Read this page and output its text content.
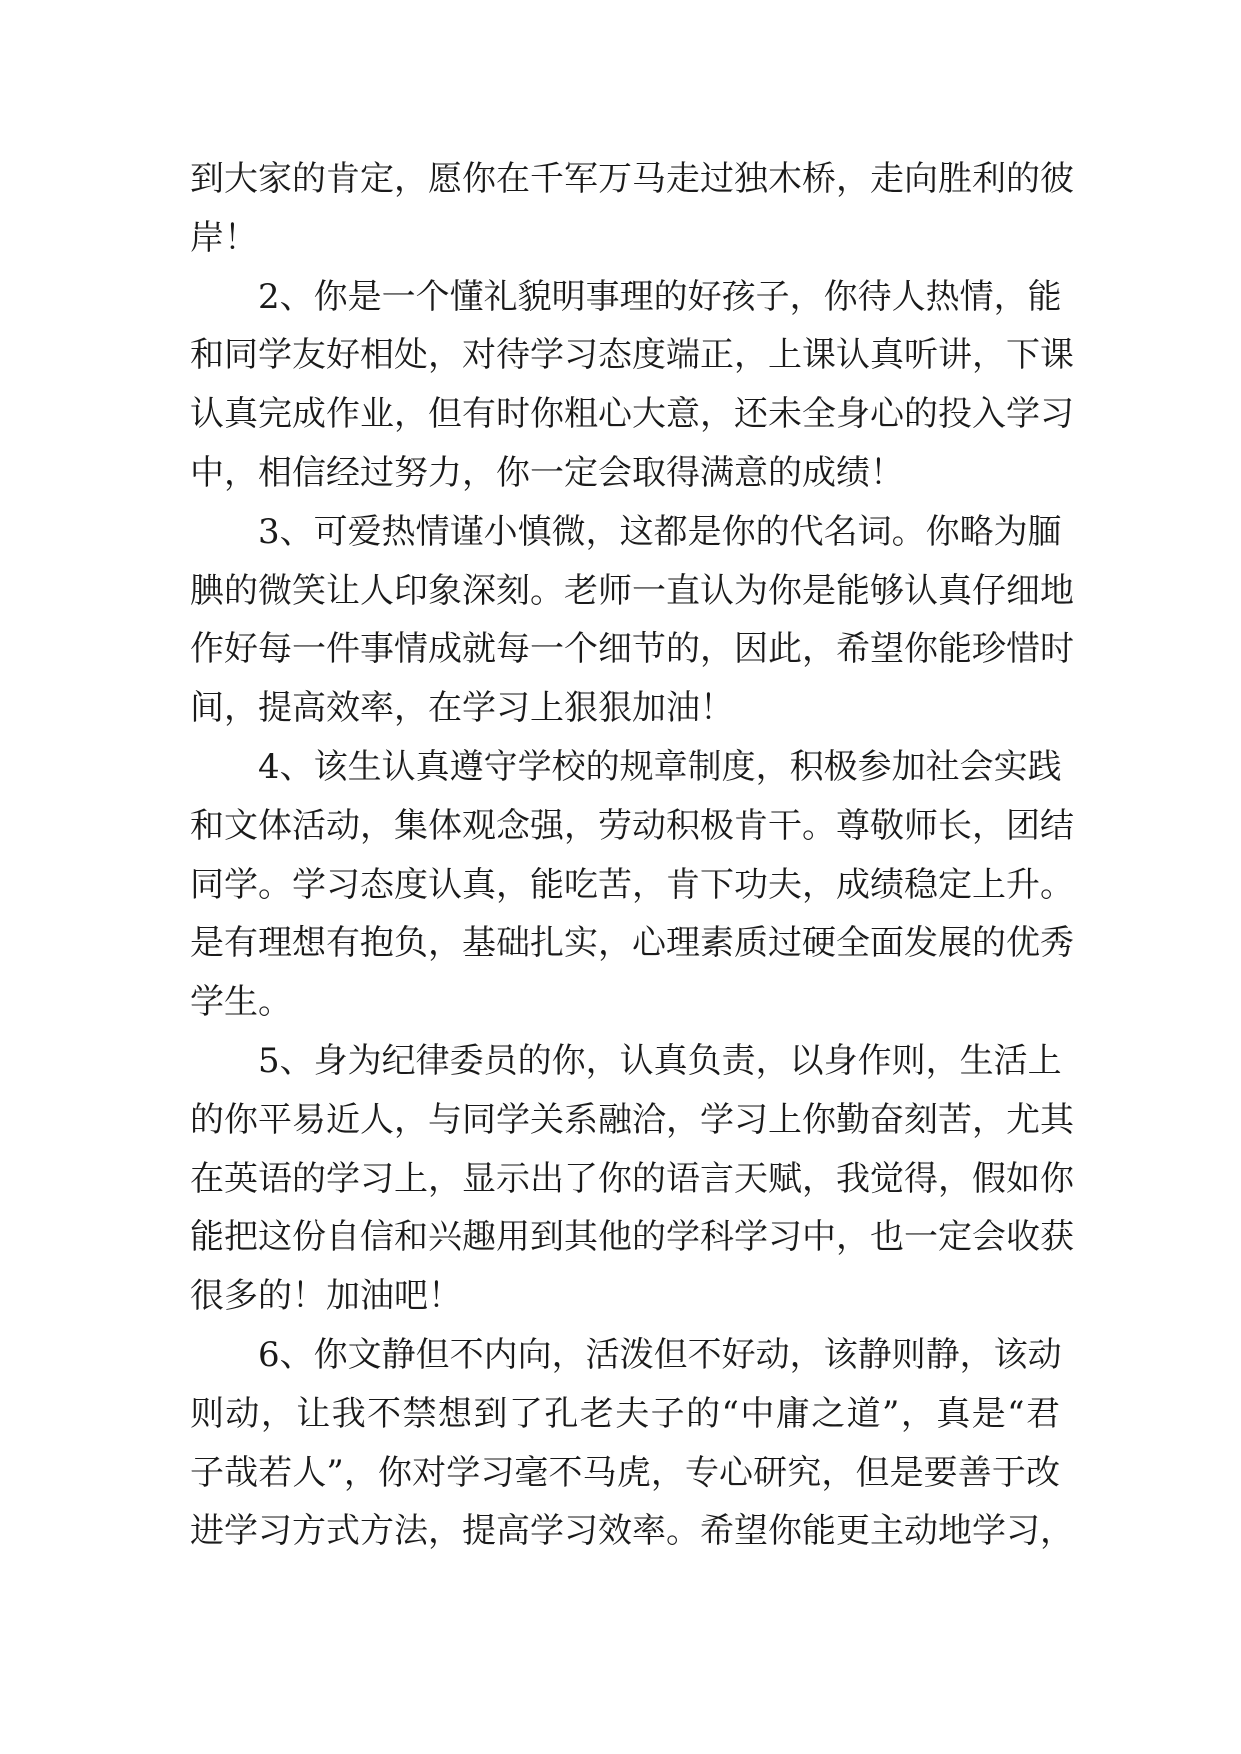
到大家的肯定，愿你在千军万马走过独木桥，走向胜利的彼
岸！
2、你是一个懂礼貌明事理的好孩子，你待人热情，能
和同学友好相处，对待学习态度端正，上课认真听讲，下课
认真完成作业，但有时你粗心大意，还未全身心的投入学习
中，相信经过努力，你一定会取得满意的成绩！
3、可爱热情谨小慎微，这都是你的代名词。你略为腼
腆的微笑让人印象深刻。老师一直认为你是能够认真仔细地
作好每一件事情成就每一个细节的，因此，希望你能珍惜时
间，提高效率，在学习上狠狠加油！
4、该生认真遵守学校的规章制度，积极参加社会实践
和文体活动，集体观念强，劳动积极肯干。尊敬师长，团结
同学。学习态度认真，能吃苦，肯下功夫，成绩稳定上升。
是有理想有抱负，基础扎实，心理素质过硬全面发展的优秀
学生。
5、身为纪律委员的你，认真负责，以身作则，生活上
的你平易近人，与同学关系融洽，学习上你勤奋刻苦，尤其
在英语的学习上，显示出了你的语言天赋，我觉得，假如你
能把这份自信和兴趣用到其他的学科学习中，也一定会收获
很多的！加油吧！
6、你文静但不内向，活泼但不好动，该静则静，该动
则动，让我不禁想到了孔老夫子的“中庸之道”，真是“君
子哉若人”，你对学习毫不马虎，专心研究，但是要善于改
进学习方式方法，提高学习效率。希望你能更主动地学习，
